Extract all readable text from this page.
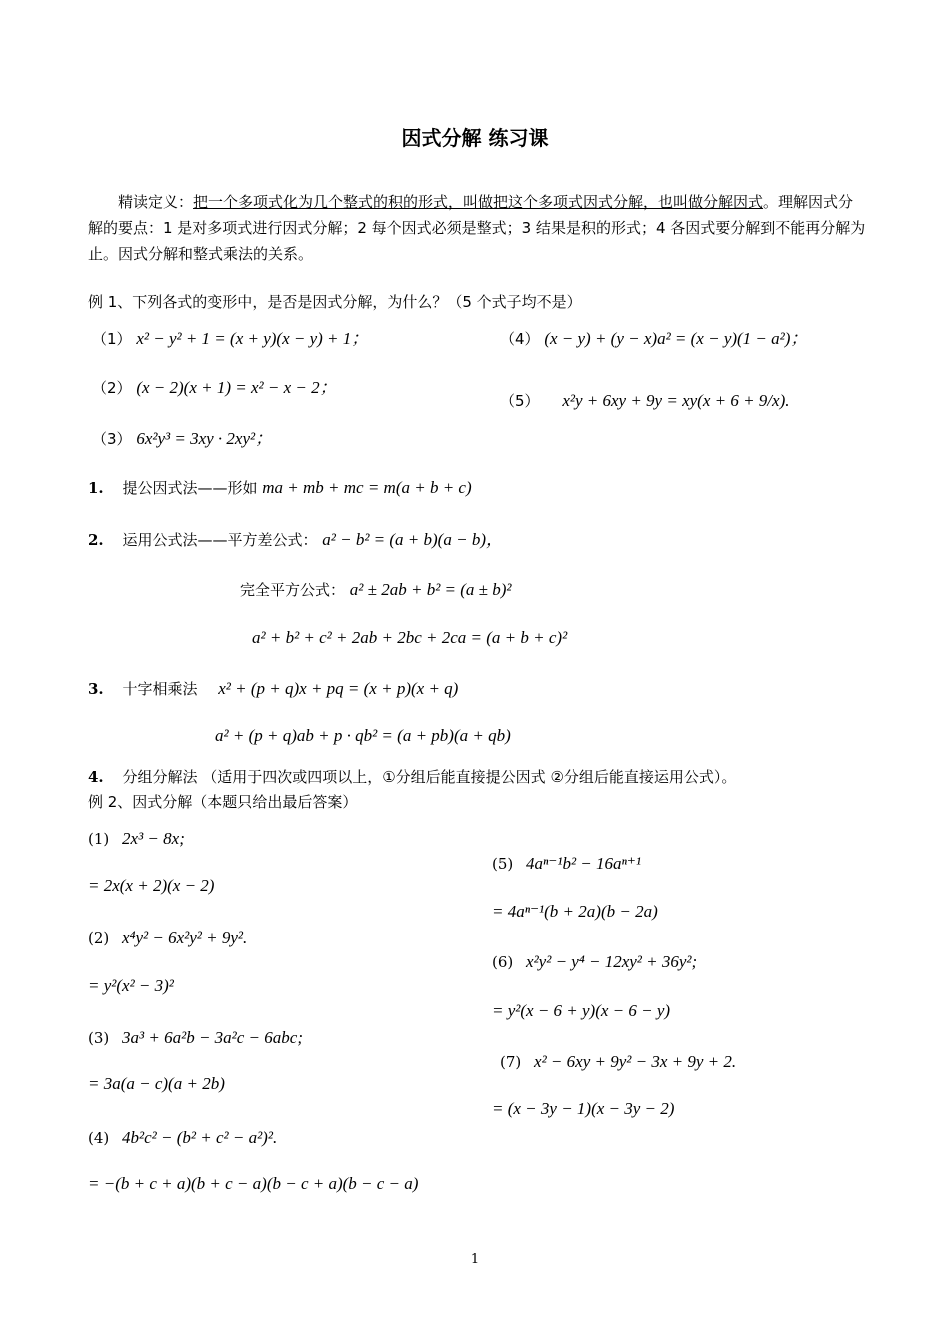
因式分解 练习课
精读定义：把一个多项式化为几个整式的积的形式，叫做把这个多项式因式分解，也叫做分解因式。理解因式分解的要点：1 是对多项式进行因式分解；2 每个因式必须是整式；3 结果是积的形式；4 各因式要分解到不能再分解为止。因式分解和整式乘法的关系。
例 1、下列各式的变形中，是否是因式分解，为什么？（5 个式子均不是）
（1） x² − y² + 1 = (x + y)(x − y) + 1；
（2） (x − 2)(x + 1) = x² − x − 2；
（3） 6x²y³ = 3xy · 2xy²；
（4） (x − y) + (y − x)a² = (x − y)(1 − a²)；
（5） x²y + 6xy + 9y = xy(x + 6 + 9/x).
1. 提公因式法——形如 ma + mb + mc = m(a + b + c)
2. 运用公式法——平方差公式： a² − b² = (a + b)(a − b)，
完全平方公式： a² ± 2ab + b² = (a ± b)²
a² + b² + c² + 2ab + 2bc + 2ca = (a + b + c)²
3. 十字相乘法 x² + (p + q)x + pq = (x + p)(x + q)
a² + (p + q)ab + p · qb² = (a + pb)(a + qb)
4. 分组分解法 （适用于四次或四项以上，①分组后能直接提公因式 ②分组后能直接运用公式）。
例 2、因式分解（本题只给出最后答案）
(1) 2x³ − 8x;
= 2x(x + 2)(x − 2)
(2) x⁴y² − 6x²y² + 9y².
= y²(x² − 3)²
(3) 3a³ + 6a²b − 3a²c − 6abc;
= 3a(a − c)(a + 2b)
(4) 4b²c² − (b² + c² − a²)².
= −(b + c + a)(b + c − a)(b − c + a)(b − c − a)
(5) 4aⁿ⁻¹b² − 16aⁿ⁺¹
= 4aⁿ⁻¹(b + 2a)(b − 2a)
(6) x²y² − y⁴ − 12xy² + 36y²;
= y²(x − 6 + y)(x − 6 − y)
(7) x² − 6xy + 9y² − 3x + 9y + 2.
= (x − 3y − 1)(x − 3y − 2)
1
